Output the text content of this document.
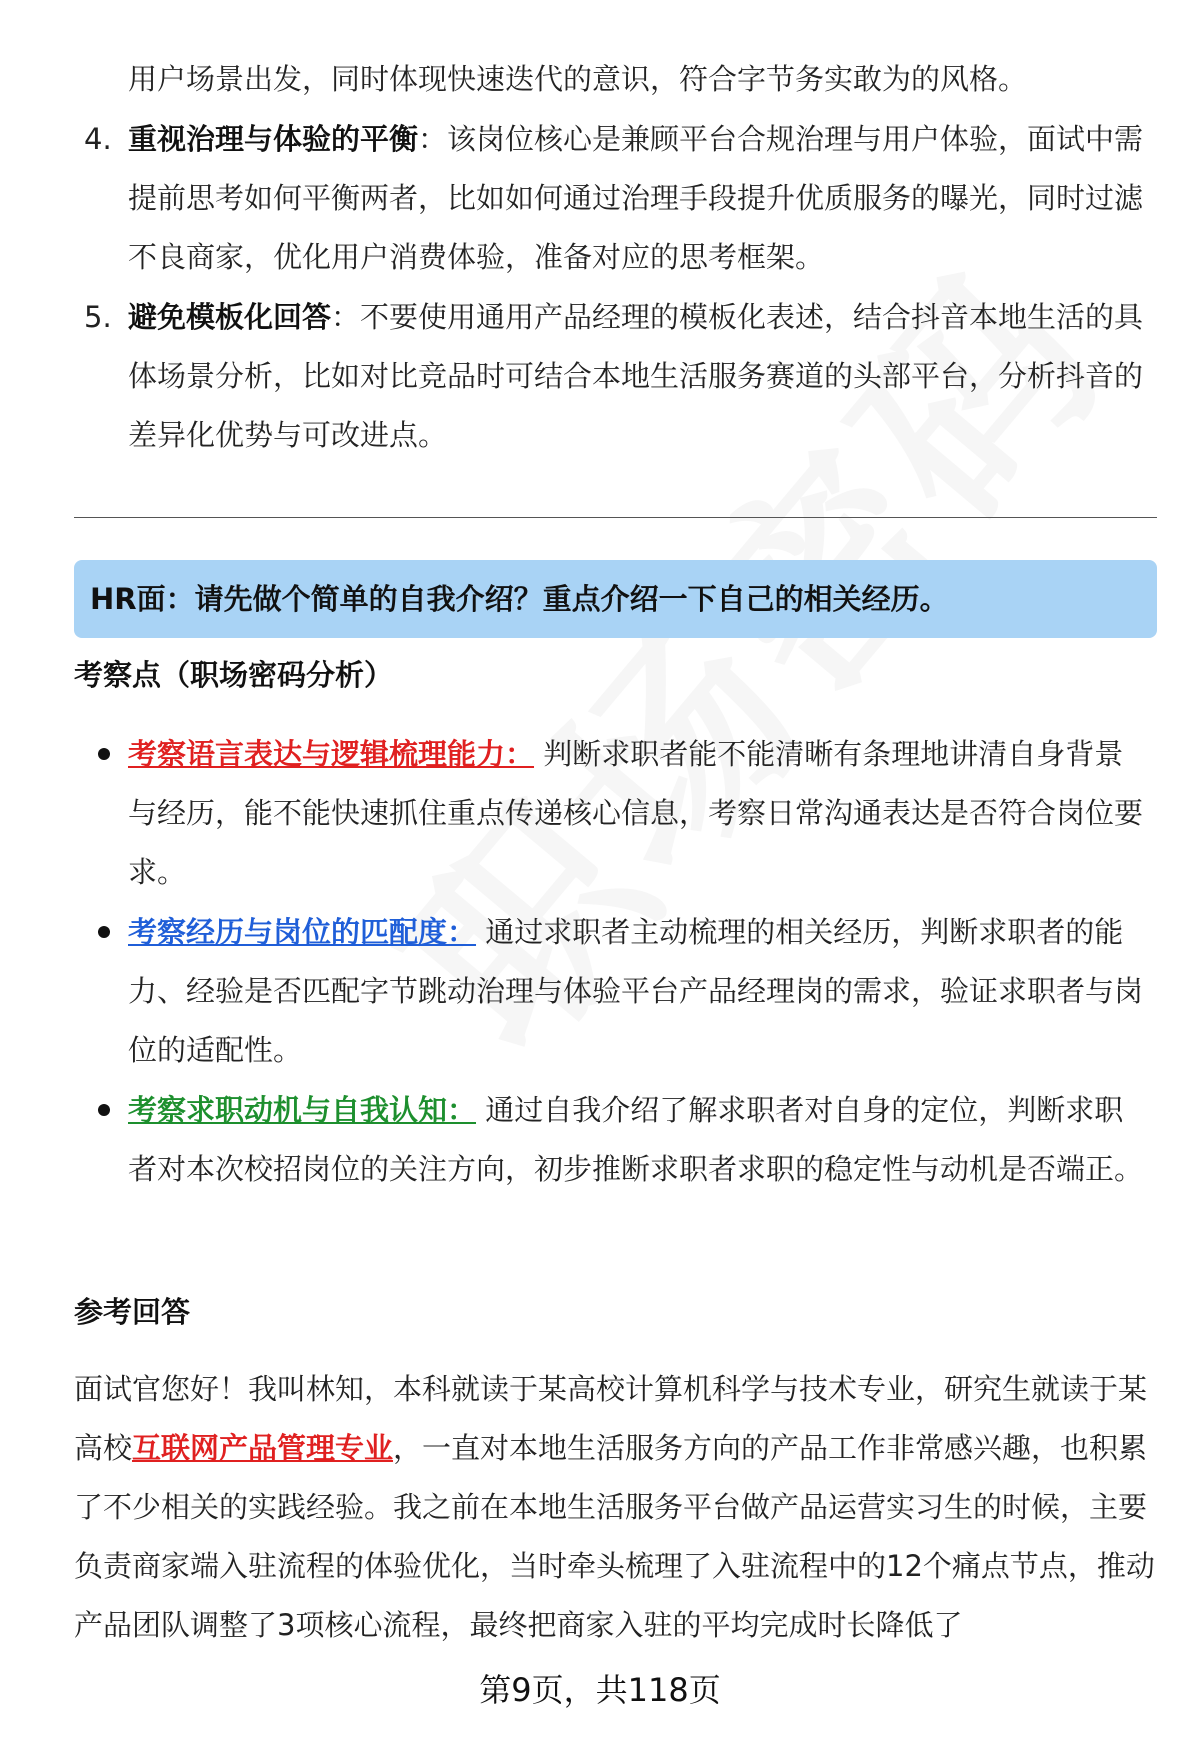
用户场景出发，同时体现快速迭代的意识，符合字节务实敢为的风格。
4. 重视治理与体验的平衡：该岗位核心是兼顾平台合规治理与用户体验，面试中需提前思考如何平衡两者，比如如何通过治理手段提升优质服务的曝光，同时过滤不良商家，优化用户消费体验，准备对应的思考框架。
5. 避免模板化回答：不要使用通用产品经理的模板化表述，结合抖音本地生活的具体场景分析，比如对比竞品时可结合本地生活服务赛道的头部平台，分析抖音的差异化优势与可改进点。
HR面：请先做个简单的自我介绍？重点介绍一下自己的相关经历。
考察点（职场密码分析）
考察语言表达与逻辑梳理能力： 判断求职者能不能清晰有条理地讲清自身背景与经历，能不能快速抓住重点传递核心信息，考察日常沟通表达是否符合岗位要求。
考察经历与岗位的匹配度： 通过求职者主动梳理的相关经历，判断求职者的能力、经验是否匹配字节跳动治理与体验平台产品经理岗的需求，验证求职者与岗位的适配性。
考察求职动机与自我认知： 通过自我介绍了解求职者对自身的定位，判断求职者对本次校招岗位的关注方向，初步推断求职者求职的稳定性与动机是否端正。
参考回答
面试官您好！我叫林知，本科就读于某高校计算机科学与技术专业，研究生就读于某高校互联网产品管理专业，一直对本地生活服务方向的产品工作非常感兴趣，也积累了不少相关的实践经验。我之前在本地生活服务平台做产品运营实习生的时候，主要负责商家端入驻流程的体验优化，当时牵头梳理了入驻流程中的12个痛点节点，推动产品团队调整了3项核心流程，最终把商家入驻的平均完成时长降低了
第9页，共118页
